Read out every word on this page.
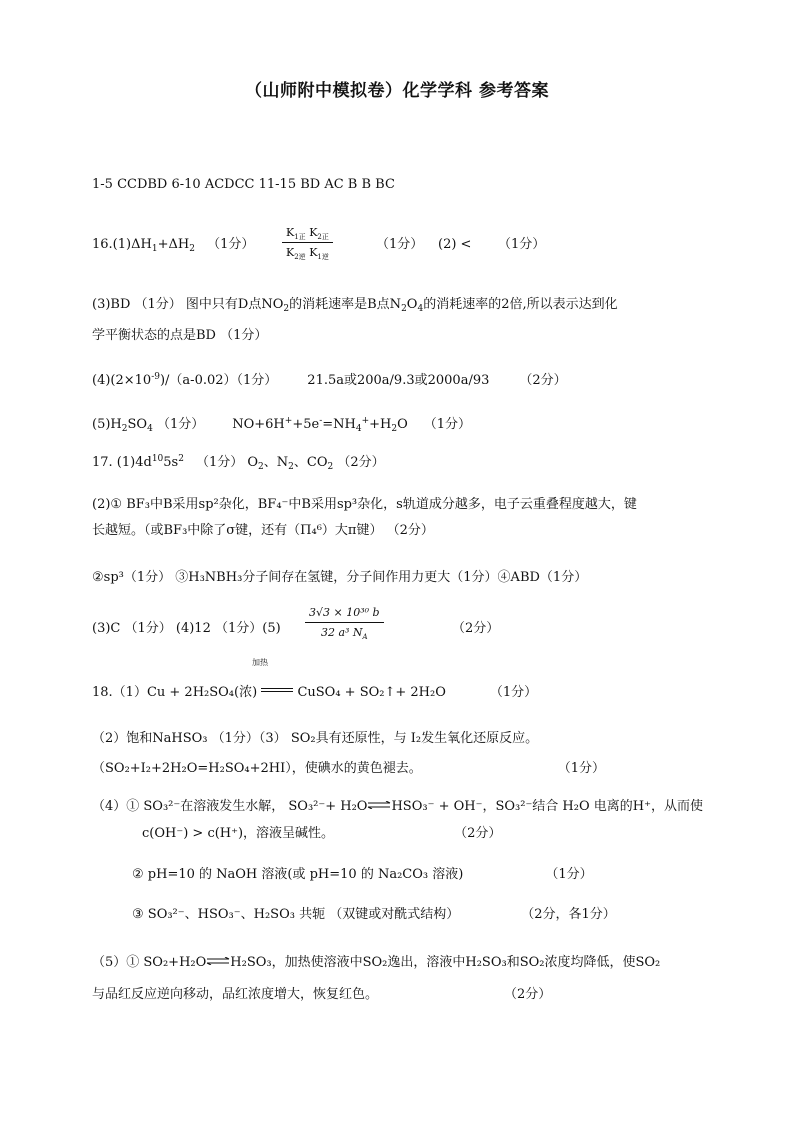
（山师附中模拟卷）化学学科 参考答案
1-5 CCDBD 6-10 ACDCC 11-15 BD AC B B BC
$16.(1)\Delta H_1+\Delta H_2$ （1分）
$K_{1正}$ $K_{2正}$
$K_{2逆}$ $K_{1逆}$
（1分） (2) < （1分）
(3)BD （1分） 图中只有D点$NO_2$的消耗速率是B点$N_2O_4$的消耗速率的2倍,所以表示达到化
学平衡状态的点是BD （1分）
$(4)(2\times 10^{-9})/(a-0.02)(1$分） 21.5a或200a/9.3或2000a/93 （2分）
$(5)H_2SO_4$ （1分） $NO+6H^++5e^-=NH_4^++H_2O$ （1分）
17. $(1)4d^{10}5s^2$ （1分） $O_2$、$N_2$、$CO_2$ （2分）
(2)① BF₃中B采用sp²杂化，BF₄⁻中B采用sp³杂化，s轨道成分越多，电子云重叠程度越大，键
长越短。（或BF₃中除了σ键，还有（Π₄⁶）大π键） （2分）
②sp³（1分） ③H₃NBH₃分子间存在氢键，分子间作用力更大（1分）④ABD（1分）
(3)C （1分） (4)12 （1分）$(5) \frac{\text{3√3 × 10³⁰ b}}{32 a^3 N_A}$	（2分）
加热
18.（1）Cu + 2H₂SO₄(浓)	CuSO₄ + SO₂↑+ 2H₂O	（1分）
（2）饱和NaHSO₃ （1分）（3） SO₂具有还原性，与 I₂发生氧化还原反应。
（SO₂+I₂+2H₂O=H₂SO₄+2HI），使碘水的黄色褪去。	（1分）
（4）① SO₃²⁻在溶液发生水解， SO₃²⁻+ H₂O⇌HSO₃⁻ + OH⁻，SO₃²⁻结合 H₂O 电离的H⁺，从而使
c(OH⁻) > c(H⁺)，溶液呈碱性。	（2分）
② pH=10 的 NaOH 溶液(或 pH=10 的 Na₂CO₃ 溶液)	（1分）
③ SO₃²⁻、HSO₃⁻、H₂SO₃ 共轭 （双键或对酰式结构）	（2分，各1分）
（5）① SO₂+H₂O⇌H₂SO₃，加热使溶液中SO₂逸出，溶液中H₂SO₃和SO₂浓度均降低，使SO₂
与品红反应逆向移动，品红浓度增大，恢复红色。	（2分）
